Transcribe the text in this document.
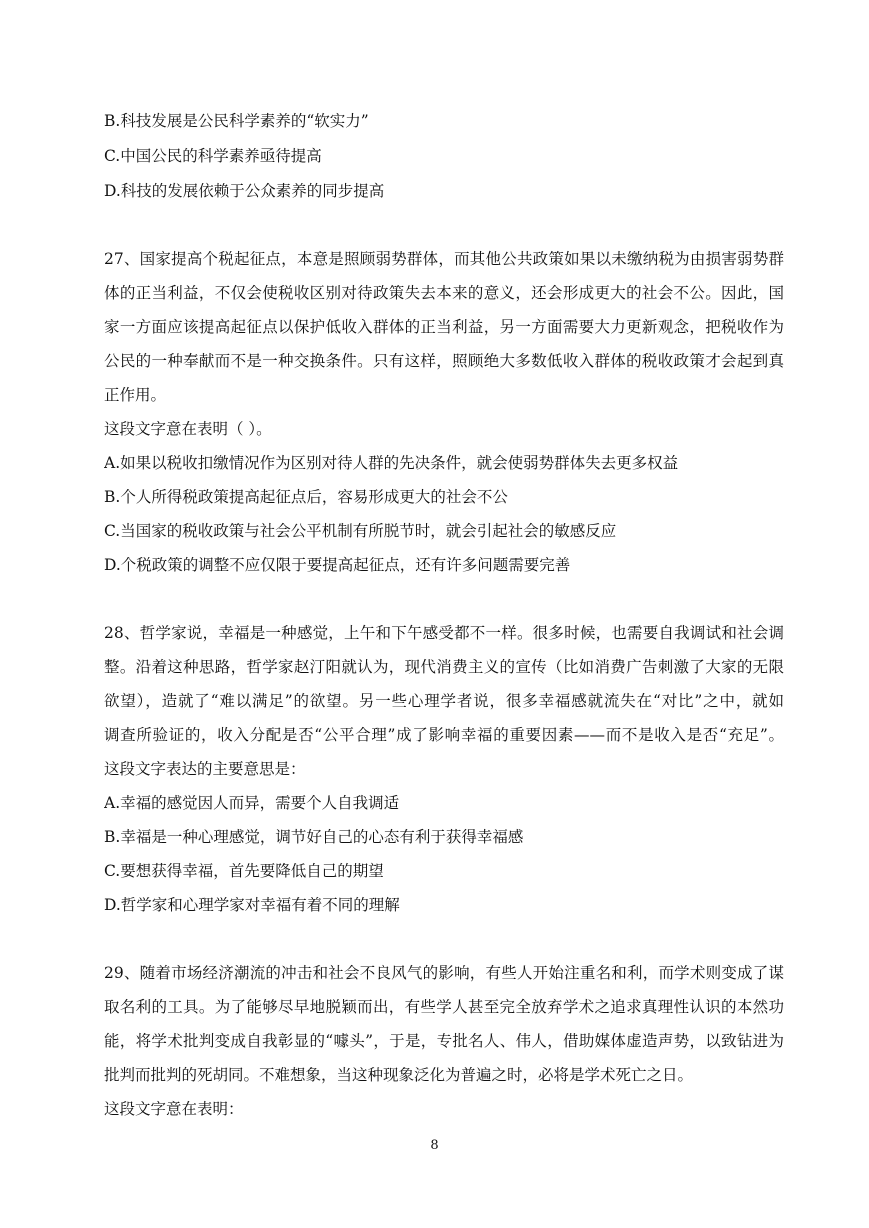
B.科技发展是公民科学素养的“软实力”
C.中国公民的科学素养亟待提高
D.科技的发展依赖于公众素养的同步提高
27、国家提高个税起征点，本意是照顾弱势群体，而其他公共政策如果以未缴纳税为由损害弱势群
体的正当利益，不仅会使税收区别对待政策失去本来的意义，还会形成更大的社会不公。因此，国
家一方面应该提高起征点以保护低收入群体的正当利益，另一方面需要大力更新观念，把税收作为
公民的一种奉献而不是一种交换条件。只有这样，照顾绝大多数低收入群体的税收政策才会起到真
正作用。
这段文字意在表明（ ）。
A.如果以税收扣缴情况作为区别对待人群的先决条件，就会使弱势群体失去更多权益
B.个人所得税政策提高起征点后，容易形成更大的社会不公
C.当国家的税收政策与社会公平机制有所脱节时，就会引起社会的敏感反应
D.个税政策的调整不应仅限于要提高起征点，还有许多问题需要完善
28、哲学家说，幸福是一种感觉，上午和下午感受都不一样。很多时候，也需要自我调试和社会调
整。沿着这种思路，哲学家赵汀阳就认为，现代消费主义的宣传（比如消费广告刺激了大家的无限
欲望），造就了“难以满足”的欲望。另一些心理学者说，很多幸福感就流失在“对比”之中，就如
调查所验证的，收入分配是否“公平合理”成了影响幸福的重要因素——而不是收入是否“充足”。
这段文字表达的主要意思是：
A.幸福的感觉因人而异，需要个人自我调适
B.幸福是一种心理感觉，调节好自己的心态有利于获得幸福感
C.要想获得幸福，首先要降低自己的期望
D.哲学家和心理学家对幸福有着不同的理解
29、随着市场经济潮流的冲击和社会不良风气的影响，有些人开始注重名和利，而学术则变成了谋
取名利的工具。为了能够尽早地脱颖而出，有些学人甚至完全放弃学术之追求真理性认识的本然功
能，将学术批判变成自我彰显的“噱头”，于是，专批名人、伟人，借助媒体虚造声势，以致钻进为
批判而批判的死胡同。不难想象，当这种现象泛化为普遍之时，必将是学术死亡之日。
这段文字意在表明：
8
